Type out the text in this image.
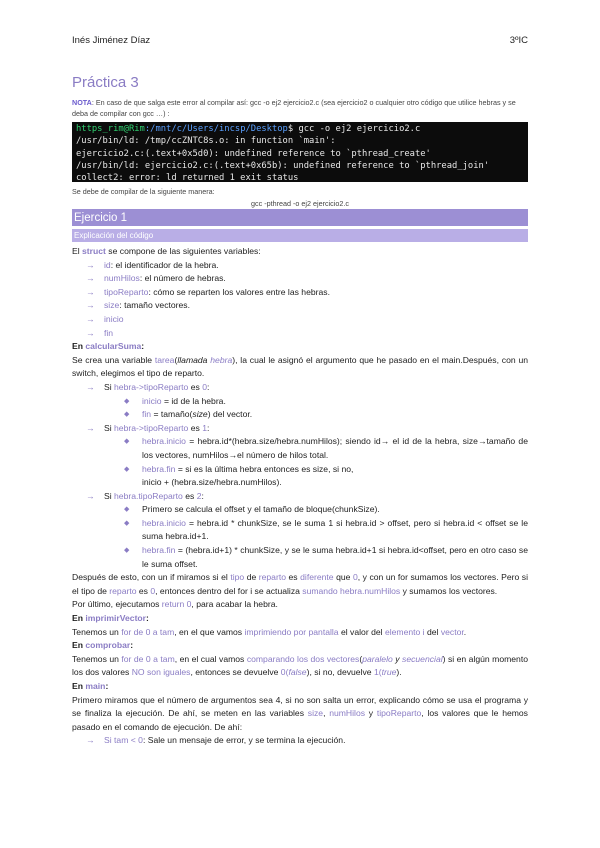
Inés Jiménez Díaz	3ºIC
Práctica 3
NOTA: En caso de que salga este error al compilar así: gcc -o ej2 ejercicio2.c (sea ejercicio2 o cualquier otro código que utilice hebras y se deba de compilar con gcc …) :
https_rim@Rim:/mnt/c/Users/incsp/Desktop$ gcc -o ej2 ejercicio2.c
/usr/bin/ld: /tmp/ccZNTC8s.o: in function `main':
ejercicio2.c:(.text+0x5d0): undefined reference to `pthread_create'
/usr/bin/ld: ejercicio2.c:(.text+0x65b): undefined reference to `pthread_join'
collect2: error: ld returned 1 exit status
Se debe de compilar de la siguiente manera:
gcc -pthread -o ej2 ejercicio2.c
Ejercicio 1
Explicación del código

El struct se compone de las siguientes variables:

→	id: el identificador de la hebra.
→	numHilos: el número de hebras.
→	tipoReparto: cómo se reparten los valores entre las hebras.
→	size: tamaño vectores.
→	inicio
→	fin

En calcularSuma:

Se crea una variable tarea(llamada hebra), la cual le asignó el argumento que he pasado en el main.Después, con un switch, elegimos el tipo de reparto.

→	Si hebra->tipoReparto es 0:
◆	inicio = id de la hebra.
◆	fin = tamaño(size) del vector.
→	Si hebra->tipoReparto es 1:
◆	hebra.inicio = hebra.id*(hebra.size/hebra.numHilos); siendo id→ el id de la hebra, size→tamaño de los vectores, numHilos→el número de hilos total.
◆	hebra.fin = si es la última hebra entonces es size, si no,
inicio + (hebra.size/hebra.numHilos).
→	Si hebra.tipoReparto es 2:
◆	Primero se calcula el offset y el tamaño de bloque(chunkSize).
◆	hebra.inicio = hebra.id * chunkSize, se le suma 1 si hebra.id > offset, pero si hebra.id < offset se le suma hebra.id+1.
◆	hebra.fin = (hebra.id+1) * chunkSize, y se le suma hebra.id+1 si hebra.id<offset, pero en otro caso se le suma offset.

Después de esto, con un if miramos si el tipo de reparto es diferente que 0, y con un for sumamos los vectores. Pero si el tipo de reparto es 0, entonces dentro del for i se actualiza sumando hebra.numHilos y sumamos los vectores.

Por último, ejecutamos return 0, para acabar la hebra.

En imprimirVector:

Tenemos un for de 0 a tam, en el que vamos imprimiendo por pantalla el valor del elemento i del vector.

En comprobar:

Tenemos un for de 0 a tam, en el cual vamos comparando los dos vectores(paralelo y secuencial) si en algún momento los dos valores NO son iguales, entonces se devuelve 0(false), si no, devuelve 1(true).

En main:

Primero miramos que el número de argumentos sea 4, si no son salta un error, explicando cómo se usa el programa y se finaliza la ejecución. De ahí, se meten en las variables size, numHilos y tipoReparto, los valores que le hemos pasado en el comando de ejecución. De ahí:

→	Si tam < 0: Sale un mensaje de error, y se termina la ejecución.
